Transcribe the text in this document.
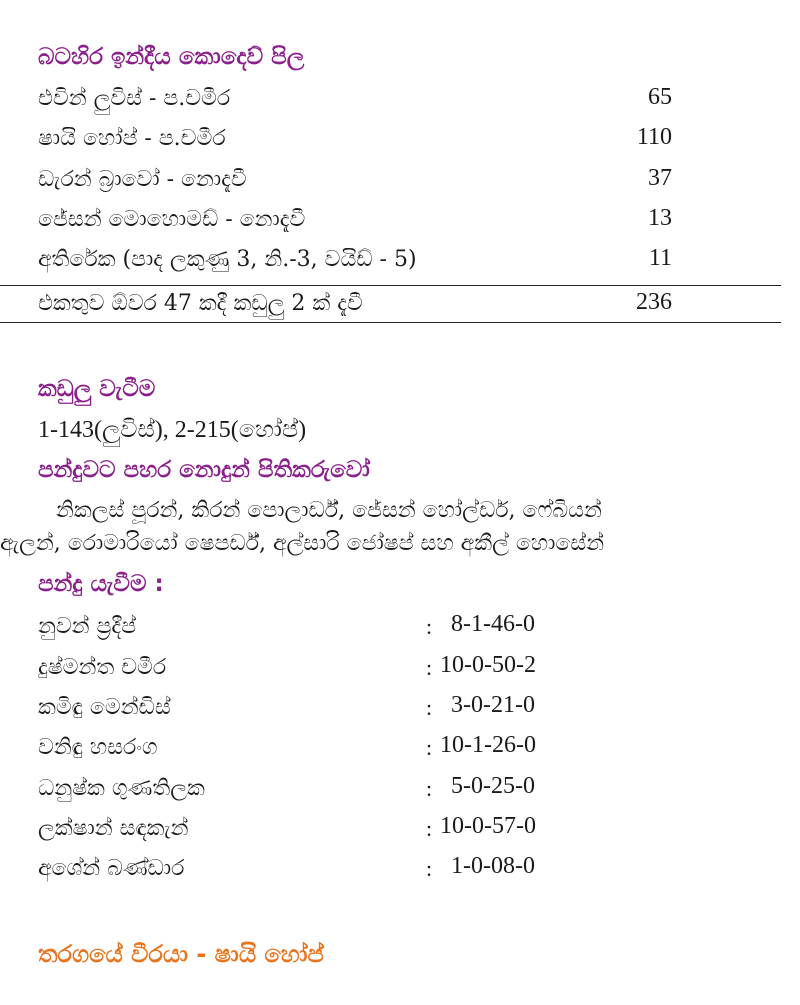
බටහිර ඉන්දීය කොදෙව් පිල
එවින් ලුවිස් - ප.චමීර	65
ෂායි හෝප් - ප.චමීර	110
ඩැරන් බ්‍රාවෝ - නොදැවී	37
ජේසන් මොහොමඩ් - නොදැවී	13
අතිරේක (පාද ලකුණු 3, නි.-3, වයිඩ් - 5)	11
එකතුව ඕවර 47 කදී කඩුලු 2 ක් දැවී	236
කඩුලු වැටීම
1-143(ලුවිස්), 2-215(හෝප්)
පන්දුවට පහර නොදුන් පිතිකරුවෝ
නිකලස් පූරන්, කිරන් පොලාර්ඩ්, ජේසන් හෝල්ඩර්, ෆේබියන්
ඇලන්, රොමාරියෝ ෂෙපර්ඩ්, අල්සාරි ජෝෂප් සහ අකීල් හොසේන්
පන්දු යැවීම :
නුවන් ප්‍රදීප්	: 8-1-46-0
දුෂ්මන්ත චමීර	: 10-0-50-2
කමිඳු මෙන්ඩිස්	: 3-0-21-0
වනිඳු හසරංග	: 10-1-26-0
ධනුෂ්ක ගුණතිලක	: 5-0-25-0
ලක්ෂාන් සඳකැන්	: 10-0-57-0
අශේන් බණ්ඩාර	: 1-0-08-0
තරගයේ වීරයා - ෂායි හෝප්
